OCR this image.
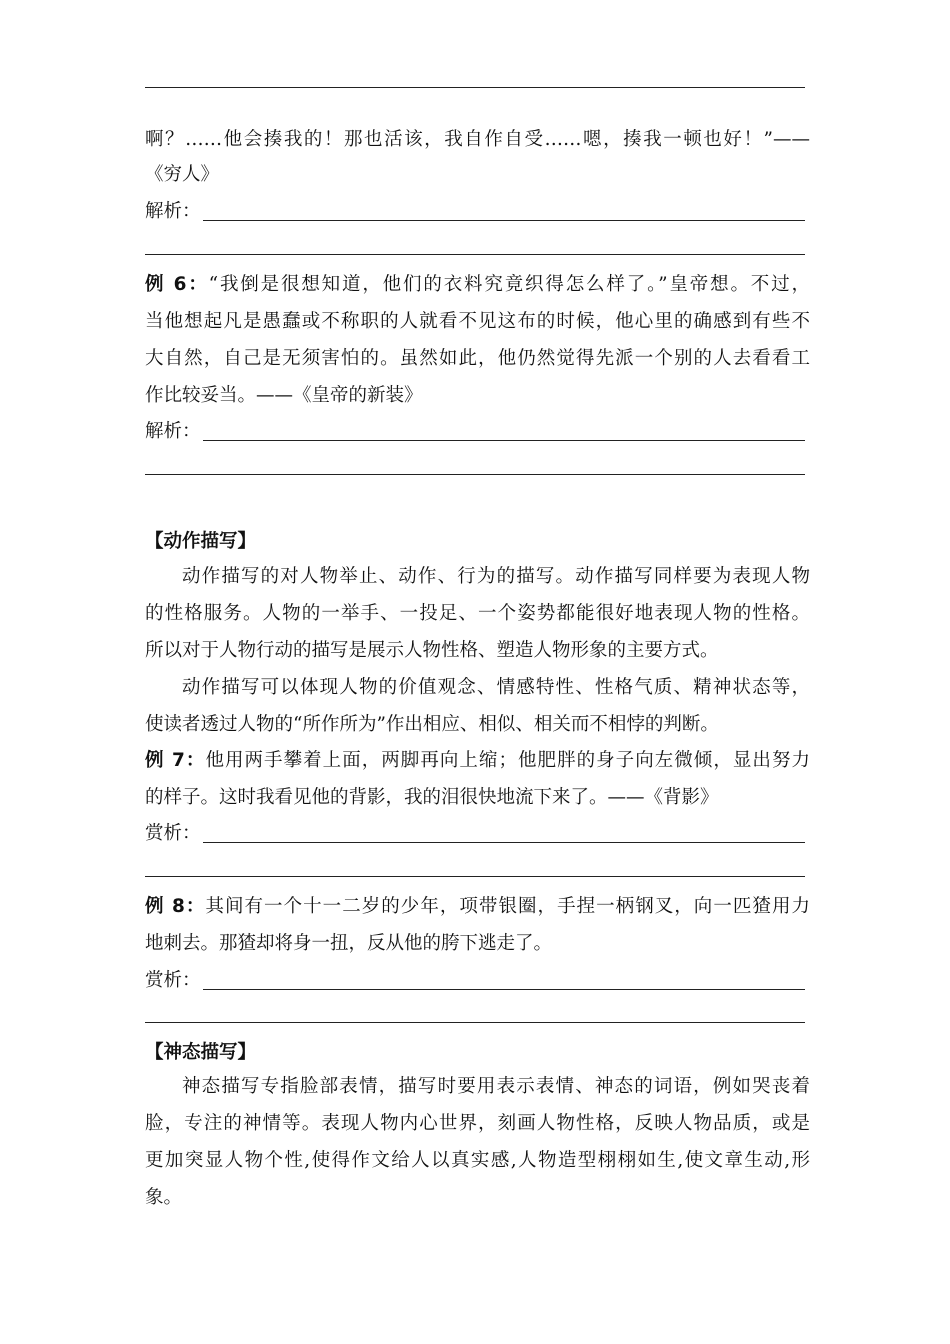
啊？……他会揍我的！那也活该，我自作自受……嗯，揍我一顿也好！”——
《穷人》
解析：
例 6：“我倒是很想知道，他们的衣料究竟织得怎么样了。”皇帝想。不过，
当他想起凡是愚蠢或不称职的人就看不见这布的时候，他心里的确感到有些不
大自然，自己是无须害怕的。虽然如此，他仍然觉得先派一个别的人去看看工
作比较妥当。——《皇帝的新装》
解析：
【动作描写】
动作描写的对人物举止、动作、行为的描写。动作描写同样要为表现人物
的性格服务。人物的一举手、一投足、一个姿势都能很好地表现人物的性格。
所以对于人物行动的描写是展示人物性格、塑造人物形象的主要方式。
动作描写可以体现人物的价值观念、情感特性、性格气质、精神状态等，
使读者透过人物的“所作所为”作出相应、相似、相关而不相悖的判断。
例 7：他用两手攀着上面，两脚再向上缩；他肥胖的身子向左微倾，显出努力
的样子。这时我看见他的背影，我的泪很快地流下来了。——《背影》
赏析：
例 8：其间有一个十一二岁的少年，项带银圈，手捏一柄钢叉，向一匹猹用力
地刺去。那猹却将身一扭，反从他的胯下逃走了。
赏析：
【神态描写】
神态描写专指脸部表情，描写时要用表示表情、神态的词语，例如哭丧着
脸，专注的神情等。表现人物内心世界，刻画人物性格，反映人物品质，或是
更加突显人物个性,使得作文给人以真实感,人物造型栩栩如生,使文章生动,形
象。
